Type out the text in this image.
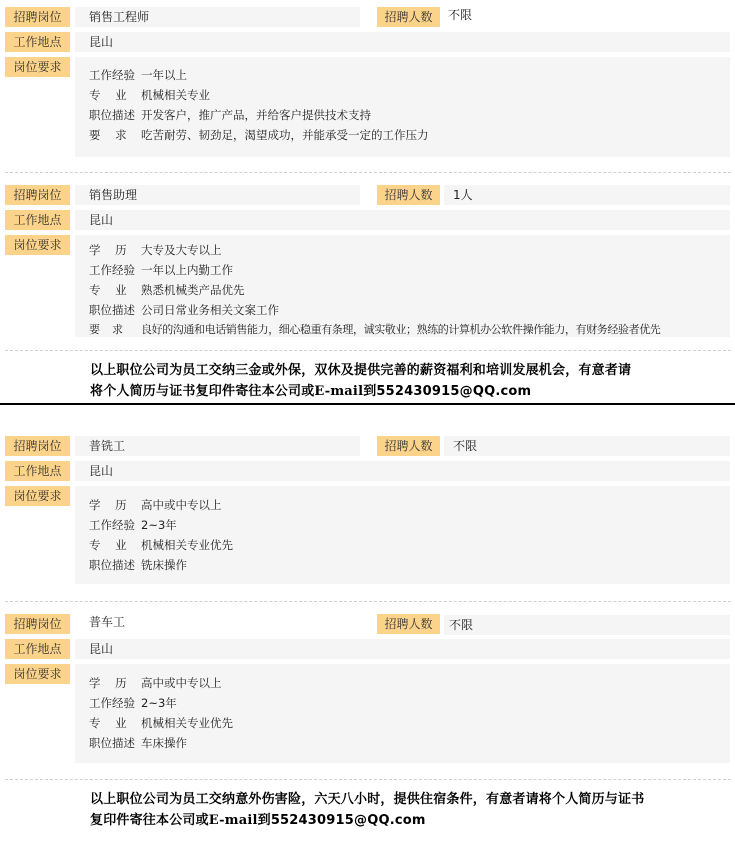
招聘岗位	销售工程师	招聘人数	不限
工作地点	昆山
岗位要求
工作经验 一年以上
专    业 机械相关专业
职位描述 开发客户，推广产品，并给客户提供技术支持
要    求 吃苦耐劳、韧劲足，渴望成功，并能承受一定的工作压力
招聘岗位	销售助理	招聘人数	1人
工作地点	昆山
岗位要求	学    历 大专及大专以上
工作经验 一年以上内勤工作
专    业 熟悉机械类产品优先
职位描述 公司日常业务相关文案工作
要    求 良好的沟通和电话销售能力，细心稳重有条理，诚实敬业；熟练的计算机办公软件操作能力，有财务经验者优先
以上职位公司为员工交纳三金或外保，双休及提供完善的薪资福利和培训发展机会，有意者请
将个人简历与证书复印件寄往本公司或E-mail到552430915@QQ.com
招聘岗位	普铣工	招聘人数	不限
工作地点	昆山
岗位要求
学    历 高中或中专以上
工作经验 2~3年
专    业 机械相关专业优先
职位描述 铣床操作
招聘岗位	普车工	招聘人数	不限
工作地点	昆山
岗位要求
学    历 高中或中专以上
工作经验 2~3年
专    业 机械相关专业优先
职位描述 车床操作
以上职位公司为员工交纳意外伤害险，六天八小时，提供住宿条件，有意者请将个人简历与证书
复印件寄往本公司或E-mail到552430915@QQ.com
